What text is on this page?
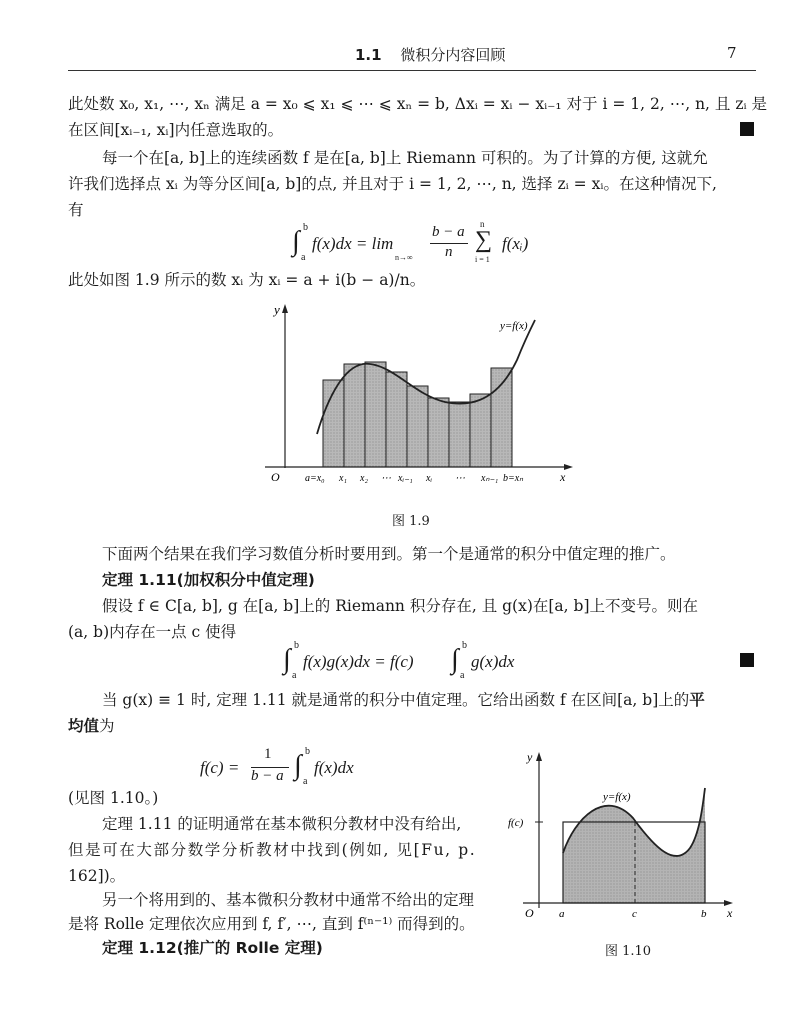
1.1 微积分内容回顾	7
此处数 x₀, x₁, ⋯, xₙ 满足 a = x₀ ⩽ x₁ ⩽ ⋯ ⩽ xₙ = b, Δxᵢ = xᵢ − xᵢ₋₁ 对于 i = 1, 2, ⋯, n, 且 zᵢ 是
在区间[xᵢ₋₁, xᵢ]内任意选取的。
每一个在[a, b]上的连续函数 f 是在[a, b]上 Riemann 可积的。为了计算的方便, 这就允
许我们选择点 xᵢ 为等分区间[a, b]的点, 并且对于 i = 1, 2, ⋯, n, 选择 zᵢ = xᵢ。在这种情况下,
有
∫ b
a
f(x)dx = lim
n→∞
b − a
n
n
∑
i = 1
f(xᵢ)
此处如图 1.9 所示的数 xᵢ 为 xᵢ = a + i(b − a)/n。
y
x
O
y=f(x)
a=x₀ x₁ x₂ ⋯ xᵢ₋₁ xᵢ ⋯ xₙ₋₁ b=xₙ
图 1.9
下面两个结果在我们学习数值分析时要用到。第一个是通常的积分中值定理的推广。
定理 1.11(加权积分中值定理)
假设 f ∈ C[a, b], g 在[a, b]上的 Riemann 积分存在, 且 g(x)在[a, b]上不变号。则在
(a, b)内存在一点 c 使得
∫ b
a
f(x)g(x)dx = f(c) ∫ b
a
g(x)dx
当 g(x) ≡ 1 时, 定理 1.11 就是通常的积分中值定理。它给出函数 f 在区间[a, b]上的平
均值为
f(c) =
1
b − a ∫ b
a
f(x)dx
(见图 1.10。)
定理 1.11 的证明通常在基本微积分教材中没有给出,
但是可在大部分数学分析教材中找到(例如, 见[Fu, p.
162])。
另一个将用到的、基本微积分教材中通常不给出的定理
是将 Rolle 定理依次应用到 f, f′, ⋯, 直到 f⁽ⁿ⁻¹⁾ 而得到的。
定理 1.12(推广的 Rolle 定理)
y
x
O
f(c)
y=f(x)
a	c	b
图 1.10
